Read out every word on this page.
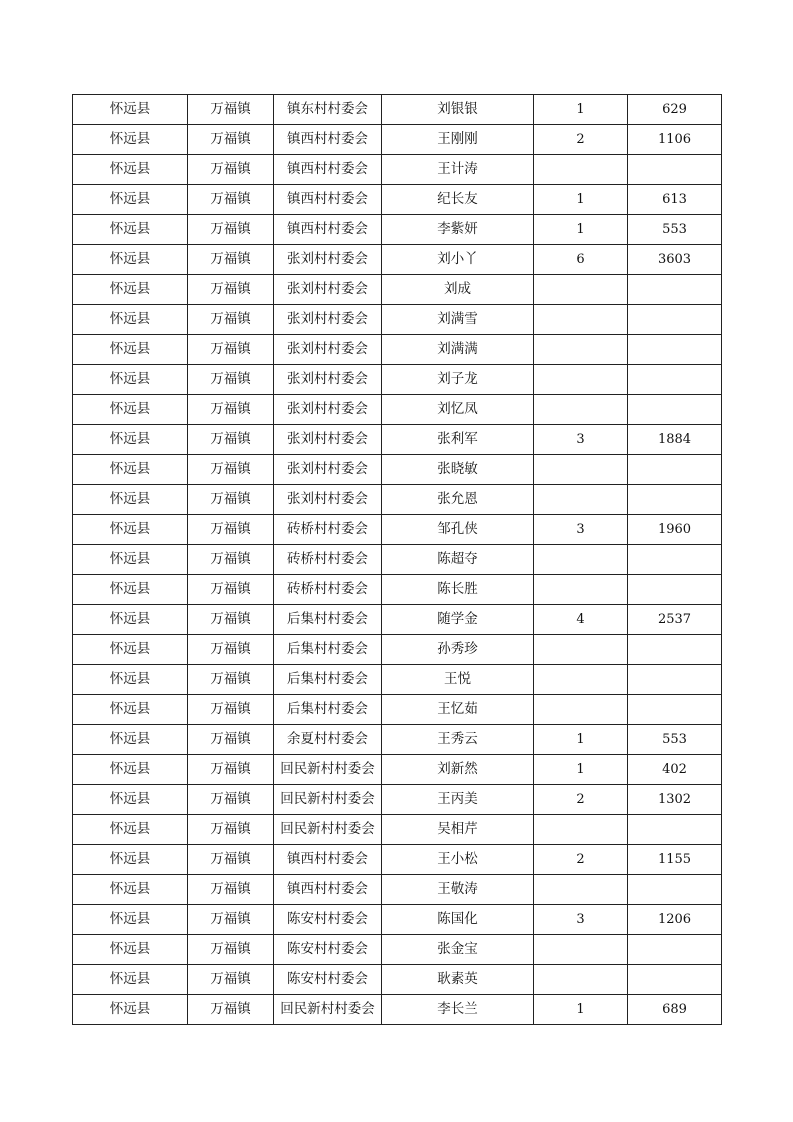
怀远县	万福镇	镇东村村委会	刘银银	1	629
怀远县	万福镇	镇西村村委会	王刚刚	2	1106
怀远县	万福镇	镇西村村委会	王计涛		
怀远县	万福镇	镇西村村委会	纪长友	1	613
怀远县	万福镇	镇西村村委会	李紫妍	1	553
怀远县	万福镇	张刘村村委会	刘小丫	6	3603
怀远县	万福镇	张刘村村委会	刘成		
怀远县	万福镇	张刘村村委会	刘满雪		
怀远县	万福镇	张刘村村委会	刘满满		
怀远县	万福镇	张刘村村委会	刘子龙		
怀远县	万福镇	张刘村村委会	刘忆凤		
怀远县	万福镇	张刘村村委会	张利军	3	1884
怀远县	万福镇	张刘村村委会	张晓敏		
怀远县	万福镇	张刘村村委会	张允恩		
怀远县	万福镇	砖桥村村委会	邹孔侠	3	1960
怀远县	万福镇	砖桥村村委会	陈超夺		
怀远县	万福镇	砖桥村村委会	陈长胜		
怀远县	万福镇	后集村村委会	随学金	4	2537
怀远县	万福镇	后集村村委会	孙秀珍		
怀远县	万福镇	后集村村委会	王悦		
怀远县	万福镇	后集村村委会	王忆茹		
怀远县	万福镇	余夏村村委会	王秀云	1	553
怀远县	万福镇	回民新村村委会	刘新然	1	402
怀远县	万福镇	回民新村村委会	王丙美	2	1302
怀远县	万福镇	回民新村村委会	吴相芹		
怀远县	万福镇	镇西村村委会	王小松	2	1155
怀远县	万福镇	镇西村村委会	王敬涛		
怀远县	万福镇	陈安村村委会	陈国化	3	1206
怀远县	万福镇	陈安村村委会	张金宝		
怀远县	万福镇	陈安村村委会	耿素英		
怀远县	万福镇	回民新村村委会	李长兰	1	689
